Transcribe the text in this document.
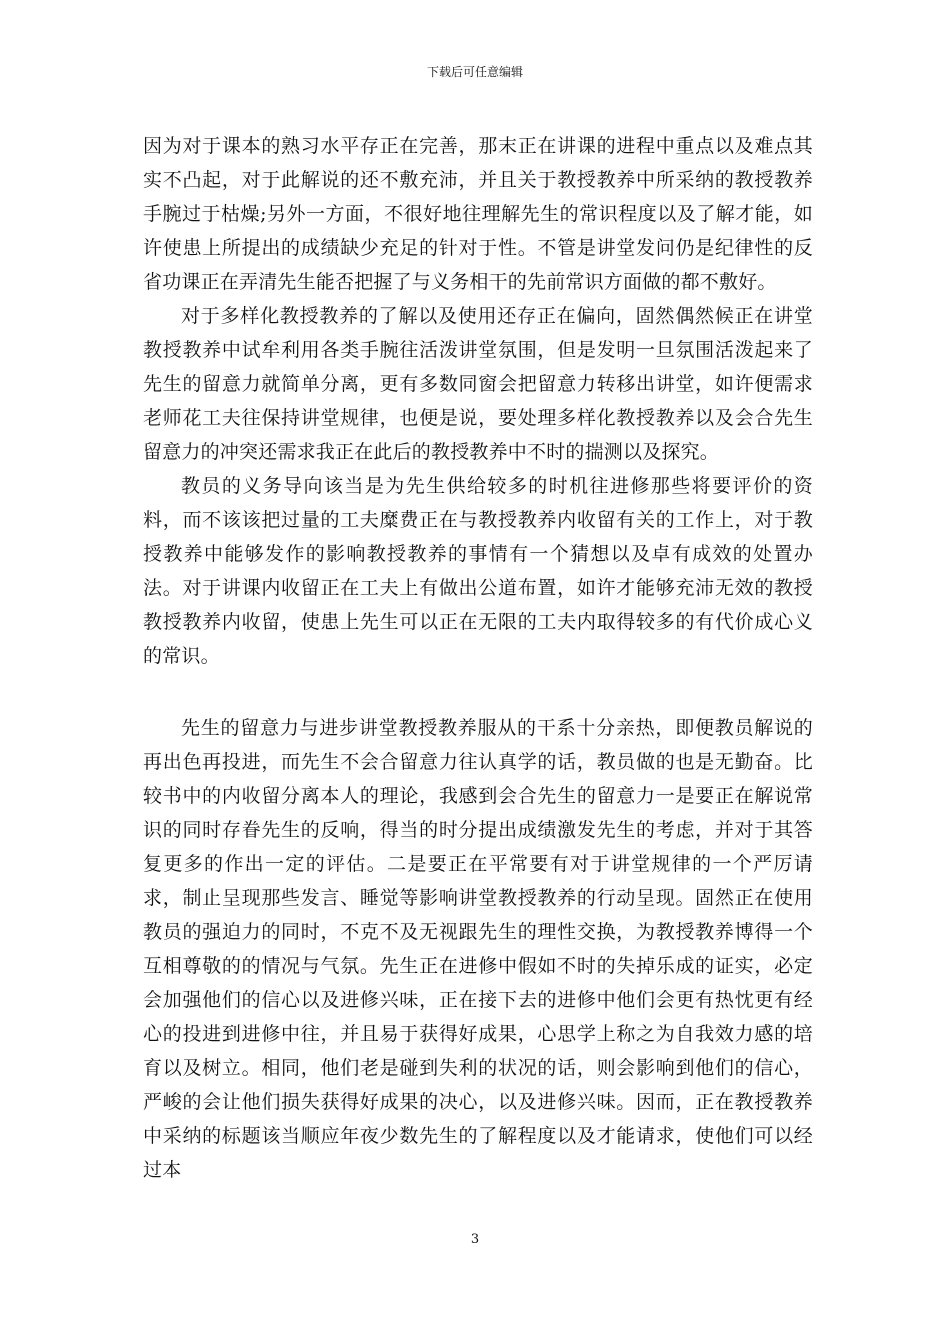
下载后可任意编辑

因为对于课本的熟习水平存正在完善，那末正在讲课的进程中重点以及难点其实不凸起，对于此解说的还不敷充沛，并且关于教授教养中所采纳的教授教养手腕过于枯燥;另外一方面，不很好地往理解先生的常识程度以及了解才能，如许使患上所提出的成绩缺少充足的针对于性。不管是讲堂发问仍是纪律性的反省功课正在弄清先生能否把握了与义务相干的先前常识方面做的都不敷好。

对于多样化教授教养的了解以及使用还存正在偏向，固然偶然候正在讲堂教授教养中试牟利用各类手腕往活泼讲堂氛围，但是发明一旦氛围活泼起来了先生的留意力就简单分离，更有多数同窗会把留意力转移出讲堂，如许便需求老师花工夫往保持讲堂规律，也便是说，要处理多样化教授教养以及会合先生留意力的冲突还需求我正在此后的教授教养中不时的揣测以及探究。

教员的义务导向该当是为先生供给较多的时机往进修那些将要评价的资料，而不该该把过量的工夫糜费正在与教授教养内收留有关的工作上，对于教授教养中能够发作的影响教授教养的事情有一个猜想以及卓有成效的处置办法。对于讲课内收留正在工夫上有做出公道布置，如许才能够充沛无效的教授教授教养内收留，使患上先生可以正在无限的工夫内取得较多的有代价成心义的常识。

先生的留意力与进步讲堂教授教养服从的干系十分亲热，即便教员解说的再出色再投进，而先生不会合留意力往认真学的话，教员做的也是无勤奋。比较书中的内收留分离本人的理论，我感到会合先生的留意力一是要正在解说常识的同时存眷先生的反响，得当的时分提出成绩激发先生的考虑，并对于其答复更多的作出一定的评估。二是要正在平常要有对于讲堂规律的一个严厉请求，制止呈现那些发言、睡觉等影响讲堂教授教养的行动呈现。固然正在使用教员的强迫力的同时，不克不及无视跟先生的理性交换，为教授教养博得一个互相尊敬的的情况与气氛。先生正在进修中假如不时的失掉乐成的证实，必定会加强他们的信心以及进修兴味，正在接下去的进修中他们会更有热忱更有经心的投进到进修中往，并且易于获得好成果，心思学上称之为自我效力感的培育以及树立。相同，他们老是碰到失利的状况的话，则会影响到他们的信心，严峻的会让他们损失获得好成果的决心，以及进修兴味。因而，正在教授教养中采纳的标题该当顺应年夜少数先生的了解程度以及才能请求，使他们可以经过本

3
